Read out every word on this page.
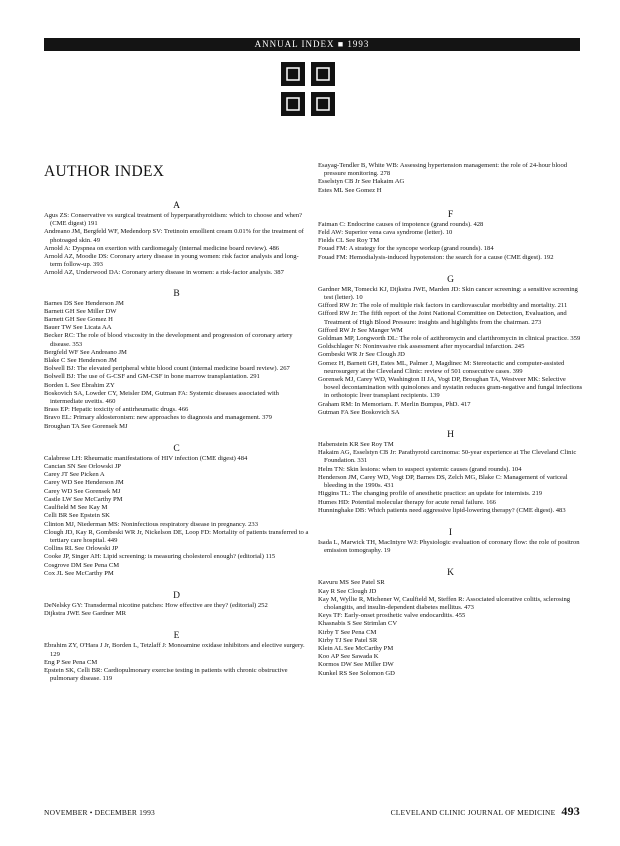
ANNUAL INDEX ■ 1993
AUTHOR INDEX
A
Agus ZS: Conservative vs surgical treatment of hyperparathyroidism: which to choose and when? (CME digest) 191
Andreano JM, Bergfeld WF, Medendorp SV: Tretinoin emollient cream 0.01% for the treatment of photoaged skin. 49
Arnold A: Dyspnea on exertion with cardiomegaly (internal medicine board review). 486
Arnold AZ, Moodie DS: Coronary artery disease in young women: risk factor analysis and long-term follow-up. 393
Arnold AZ, Underwood DA: Coronary artery disease in women: a risk-factor analysis. 387
B
Barnes DS See Henderson JM
Barnett GH See Miller DW
Barnett GH See Gomez H
Bauer TW See Licata AA
Becker RC: The role of blood viscosity in the development and progression of coronary artery disease. 353
Bergfeld WF See Andreano JM
Blake C See Henderson JM
Bolwell BJ: The elevated peripheral white blood count (internal medicine board review). 267
Bolwell BJ: The use of G-CSF and GM-CSF in bone marrow transplantation. 291
Borden L See Ebrahim ZY
Boskovich SA, Lowder CY, Meisler DM, Gutman FA: Systemic diseases associated with intermediate uveitis. 460
Brass EP: Hepatic toxicity of antirheumatic drugs. 466
Bravo EL: Primary aldosteronism: new approaches to diagnosis and management. 379
Broughan TA See Gorensek MJ
C
Calabrese LH: Rheumatic manifestations of HIV infection (CME digest) 484
Cancian SN See Orlowski JP
Carey JT See Picken A
Carey WD See Henderson JM
Carey WD See Gorensek MJ
Castle LW See McCarthy PM
Caulfield M See Kay M
Celli BR See Epstein SK
Clinton MJ, Niederman MS: Noninfectious respiratory disease in pregnancy. 233
Clough JD, Kay R, Gombeski WR Jr, Nickelson DE, Loop FD: Mortality of patients transferred to a tertiary care hospital. 449
Collins RL See Orlowski JP
Cooke JP, Singer AH: Lipid screening: is measuring cholesterol enough? (editorial) 115
Cosgrove DM See Pena CM
Cox JL See McCarthy PM
D
DeNelsky GY: Transdermal nicotine patches: How effective are they? (editorial) 252
Dijkstra JWE See Gardner MR
E
Ebrahim ZY, O'Hara J Jr, Borden L, Tetzlaff J: Monoamine oxidase inhibitors and elective surgery. 129
Eng P See Pena CM
Epstein SK, Celli BR: Cardiopulmonary exercise testing in patients with chronic obstructive pulmonary disease. 119
Esayag-Tendler B, White WB: Assessing hypertension management: the role of 24-hour blood pressure monitoring. 278
Esselstyn CB Jr See Hakaim AG
Estes ML See Gomez H
F
Faiman C: Endocrine causes of impotence (grand rounds). 428
Feld AW: Superior vena cava syndrome (letter). 10
Fields CL See Roy TM
Fouad FM: A strategy for the syncope workup (grand rounds). 184
Fouad FM: Hemodialysis-induced hypotension: the search for a cause (CME digest). 192
G
Gardner MR, Tomecki KJ, Dijkstra JWE, Marden JD: Skin cancer screening: a sensitive screening test (letter). 10
Gifford RW Jr: The role of multiple risk factors in cardiovascular morbidity and mortality. 211
Gifford RW Jr: The fifth report of the Joint National Committee on Detection, Evaluation, and Treatment of High Blood Pressure: insights and highlights from the chairman. 273
Gifford RW Jr See Manger WM
Goldman MP, Longworth DL: The role of azithromycin and clarithromycin in clinical practice. 359
Goldschlager N: Noninvasive risk assessment after myocardial infarction. 245
Gombeski WR Jr See Clough JD
Gomez H, Barnett GH, Estes ML, Palmer J, Magdinec M: Stereotactic and computer-assisted neurosurgery at the Cleveland Clinic: review of 501 consecutive cases. 399
Gorensek MJ, Carey WD, Washington II JA, Vogt DP, Broughan TA, Westveer MK: Selective bowel decontamination with quinolones and nystatin reduces gram-negative and fungal infections in orthotopic liver transplant recipients. 139
Graham RM: In Memoriam. F. Merlin Bumpus, PhD. 417
Gutman FA See Boskovich SA
H
Habenstein KR See Roy TM
Hakaim AG, Esselstyn CB Jr: Parathyroid carcinoma: 50-year experience at The Cleveland Clinic Foundation. 331
Helm TN: Skin lesions: when to suspect systemic causes (grand rounds). 104
Henderson JM, Carey WD, Vogt DP, Barnes DS, Zelch MG, Blake C: Management of variceal bleeding in the 1990s. 431
Higgins TL: The changing profile of anesthetic practice: an update for internists. 219
Humes HD: Potential molecular therapy for acute renal failure. 166
Hunninghake DB: Which patients need aggressive lipid-lowering therapy? (CME digest). 483
I
Isada L, Marwick TH, MacIntyre WJ: Physiologic evaluation of coronary flow: the role of positron emission tomography. 19
K
Kavuru MS See Patel SR
Kay R See Clough JD
Kay M, Wyllie R, Michener W, Caulfield M, Steffen R: Associated ulcerative colitis, sclerosing cholangitis, and insulin-dependent diabetes mellitus. 473
Keys TF: Early-onset prosthetic valve endocarditis. 455
Khasnabis S See Strimlan CV
Kirby T See Pena CM
Kirby TJ See Patel SR
Klein AL See McCarthy PM
Koo AP See Sawada K
Kormos DW See Miller DW
Kunkel RS See Solomon GD
NOVEMBER • DECEMBER 1993	CLEVELAND CLINIC JOURNAL OF MEDICINE 493
